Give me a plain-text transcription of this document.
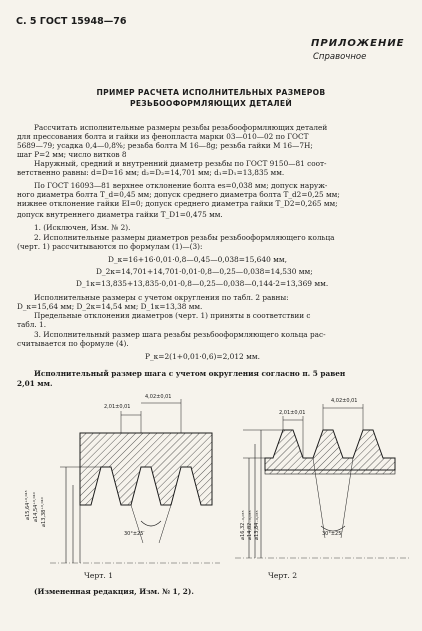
С. 5 ГОСТ 15948—76
ПРИЛОЖЕНИЕ
Справочное
ПРИМЕР РАСЧЕТА ИСПОЛНИТЕЛЬНЫХ РАЗМЕРОВ
РЕЗЬБООФОРМЛЯЮЩИХ ДЕТАЛЕЙ
Рассчитать исполнительные размеры резьбы резьбооформляющих деталей
для прессования болта и гайки из фенопласта марки 03—010—02 по ГОСТ
5689—79; усадка 0,4—0,8%; резьба болта М 16—8g; резьба гайки М 16—7H;
шаг P=2 мм; число витков 8
Наружный, средний и внутренний диаметр резьбы по ГОСТ 9150—81 соот-
ветственно равны: d=D=16 мм; d₂=D₂=14,701 мм; d₁=D₁=13,835 мм.
По ГОСТ 16093—81 верхнее отклонение болта es=0,038 мм; допуск наруж-
ного диаметра болта T_d=0,45 мм; допуск среднего диаметра болта T_d2=0,25 мм;
нижнее отклонение гайки EI=0; допуск среднего диаметра гайки T_D2=0,265 мм;
допуск внутреннего диаметра гайки T_D1=0,475 мм.
1. (Исключен, Изм. № 2).
2. Исполнительные размеры диаметров резьбы резьбооформляющего кольца
(черт. 1) рассчитываются по формулам (1)—(3):
D_к=16+16·0,01·0,8—0,45—0,038=15,640 мм,
D_2к=14,701+14,701·0,01·0,8—0,25—0,038=14,530 мм;
D_1к=13,835+13,835·0,01·0,8—0,25—0,038—0,144·2=13,369 мм.
Исполнительные размеры с учетом округления по табл. 2 равны:
D_к=15,64 мм; D_2к=14,54 мм; D_1к=13,38 мм.
Предельные отклонения диаметров (черт. 1) приняты в соответствии с
табл. 1.
3. Исполнительный размер шага резьбы резьбооформляющего кольца рас-
считывается по формуле (4).
P_к=2(1+0,01·0,6)=2,012 мм.
Исполнительный размер шага с учетом округления согласно п. 5 равен
2,01 мм.
2,01±0,01
4,02±0,01
⌀15,64⁺⁰·⁰⁴⁵ ⌀14,54⁺⁰·⁰⁴⁰ ⌀13,38⁺⁰·⁰⁴⁰
30°±25′
Черт. 1
2,01±0,01
4,02±0,01
⌀16,32₋₀,₀₃₅ ⌀14,82₋₀,₀₃₅ ⌀13,84₋₀,₀₃₅	30°±25′
Черт. 2
(Измененная редакция, Изм. № 1, 2).
